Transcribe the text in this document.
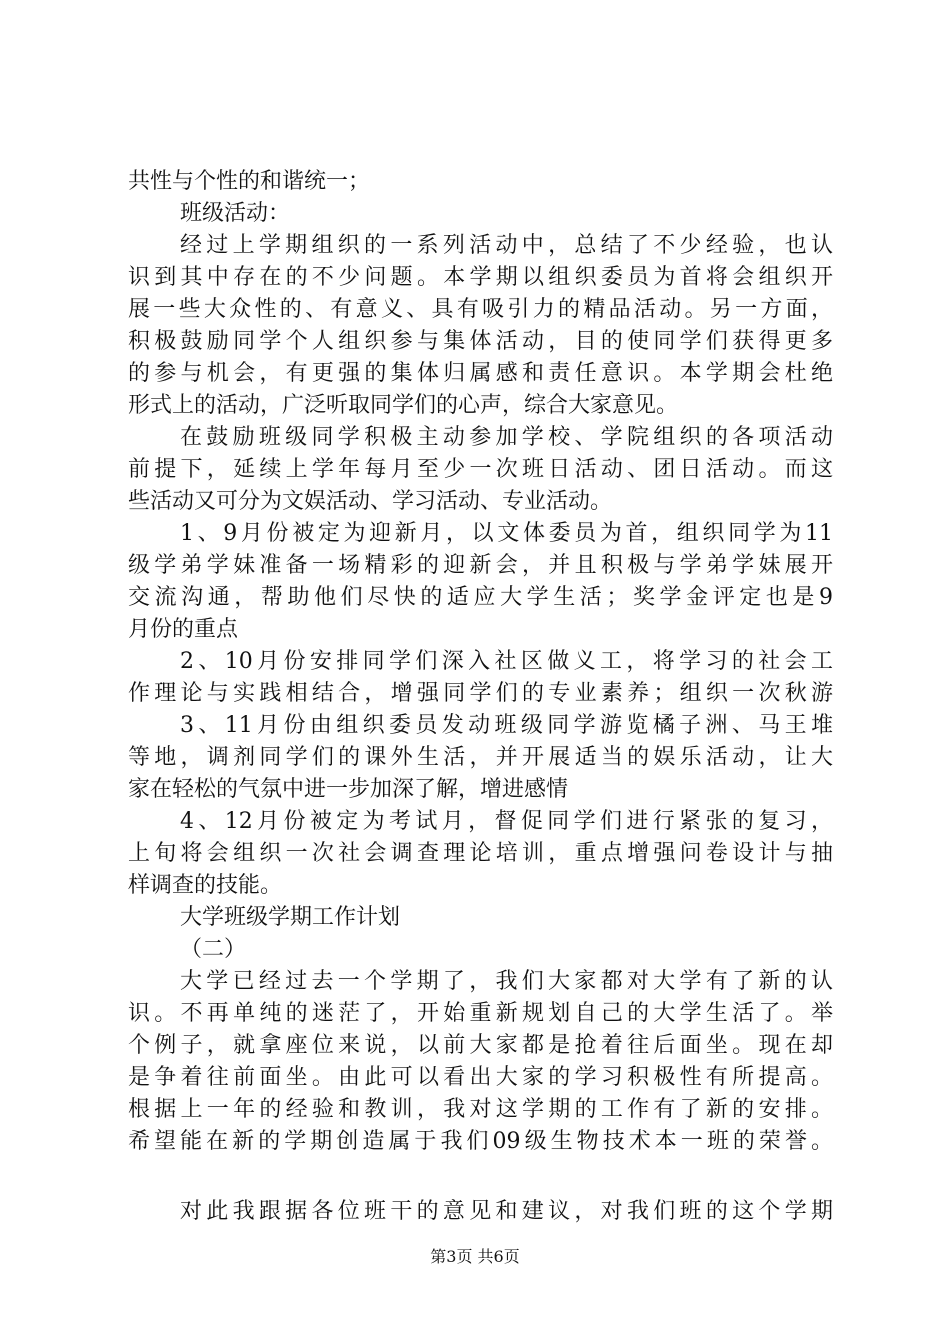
共性与个性的和谐统一；
班级活动：
经过上学期组织的一系列活动中，总结了不少经验，也认
识到其中存在的不少问题。本学期以组织委员为首将会组织开
展一些大众性的、有意义、具有吸引力的精品活动。另一方面，
积极鼓励同学个人组织参与集体活动，目的使同学们获得更多
的参与机会，有更强的集体归属感和责任意识。本学期会杜绝
形式上的活动，广泛听取同学们的心声，综合大家意见。
在鼓励班级同学积极主动参加学校、学院组织的各项活动
前提下，延续上学年每月至少一次班日活动、团日活动。而这
些活动又可分为文娱活动、学习活动、专业活动。
1、9月份被定为迎新月，以文体委员为首，组织同学为11
级学弟学妹准备一场精彩的迎新会，并且积极与学弟学妹展开
交流沟通，帮助他们尽快的适应大学生活；奖学金评定也是9
月份的重点
2、10月份安排同学们深入社区做义工，将学习的社会工
作理论与实践相结合，增强同学们的专业素养；组织一次秋游
3、11月份由组织委员发动班级同学游览橘子洲、马王堆
等地，调剂同学们的课外生活，并开展适当的娱乐活动，让大
家在轻松的气氛中进一步加深了解，增进感情
4、12月份被定为考试月，督促同学们进行紧张的复习，
上旬将会组织一次社会调查理论培训，重点增强问卷设计与抽
样调查的技能。
大学班级学期工作计划
（二）
大学已经过去一个学期了，我们大家都对大学有了新的认
识。不再单纯的迷茫了，开始重新规划自己的大学生活了。举
个例子，就拿座位来说，以前大家都是抢着往后面坐。现在却
是争着往前面坐。由此可以看出大家的学习积极性有所提高。
根据上一年的经验和教训，我对这学期的工作有了新的安排。
希望能在新的学期创造属于我们09级生物技术本一班的荣誉。
对此我跟据各位班干的意见和建议，对我们班的这个学期
第3页 共6页
